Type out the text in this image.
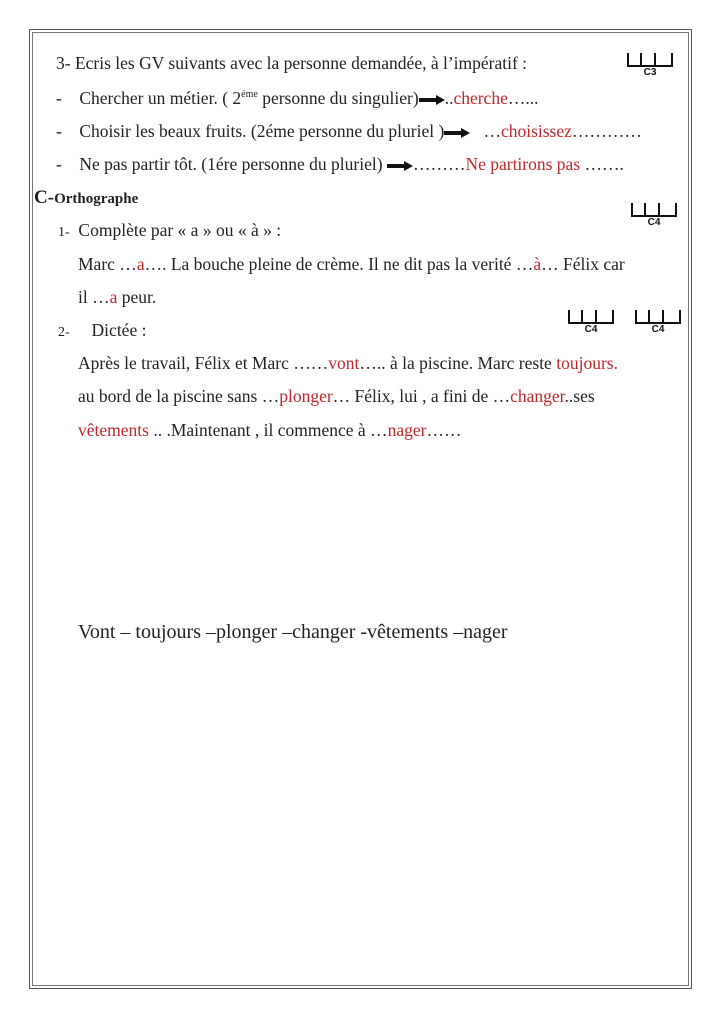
3- Ecris les GV suivants avec la personne demandée, à l’impératif :	C3
- Chercher un métier. ( $2^{éme}$ personne du singulier) ..cherche…...
- Choisir les beaux fruits. (2éme personne du pluriel ) …choisissez…………
- Ne pas partir tôt. (1ére personne du pluriel) ………Ne partirons pas …….
C-Orthographe
1- Complète par « a » ou « à » :	C4
Marc …a…. La bouche pleine de crème. Il ne dit pas la verité …à… Félix car
il …a peur.
2- Dictée :	C4	C4
Après le travail, Félix et Marc ……vont….. à la piscine. Marc reste toujours.
au bord de la piscine sans …plonger… Félix, lui , a fini de …changer..ses
vêtements .. .Maintenant , il commence à …nager……
Vont – toujours –plonger –changer -vêtements –nager
